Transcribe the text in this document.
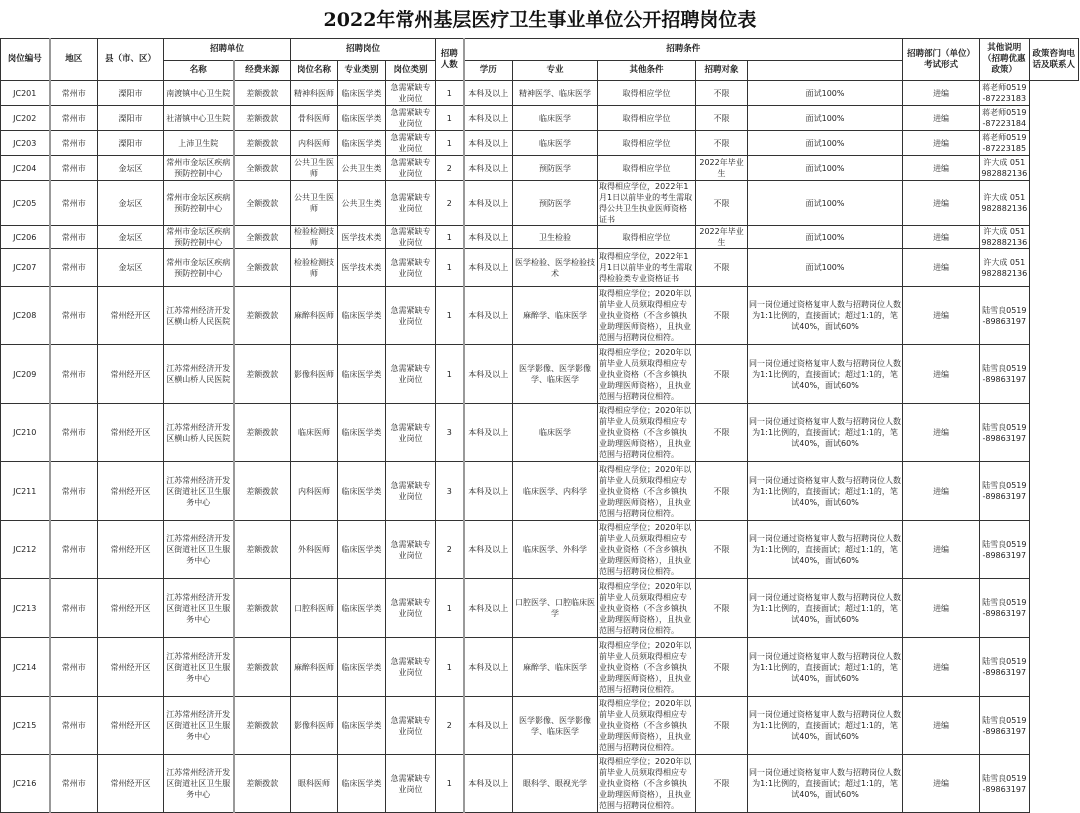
2022年常州基层医疗卫生事业单位公开招聘岗位表
岗位编号	地区	县（市、区）	招聘单位		招聘岗位			招聘人数	招聘条件					招聘部门（单位）考试形式	其他说明（招聘优惠政策）	政策咨询电话及联系人
			名称	经费来源	岗位名称	专业类别	岗位类别		学历	专业	其他条件	招聘对象				
JC201	常州市	溧阳市	南渡镇中心卫生院	差额拨款	精神科医师	临床医学类	急需紧缺专业岗位	1	本科及以上	精神医学、临床医学	取得相应学位	不限	面试100%	进编	蒋老师0519-87223183	
JC202	常州市	溧阳市	社渚镇中心卫生院	差额拨款	骨科医师	临床医学类	急需紧缺专业岗位	1	本科及以上	临床医学	取得相应学位	不限	面试100%	进编	蒋老师0519-87223184	
JC203	常州市	溧阳市	上沛卫生院	差额拨款	内科医师	临床医学类	急需紧缺专业岗位	1	本科及以上	临床医学	取得相应学位	不限	面试100%	进编	蒋老师0519-87223185	
JC204	常州市	金坛区	常州市金坛区疾病预防控制中心	全额拨款	公共卫生医师	公共卫生类	急需紧缺专业岗位	2	本科及以上	预防医学	取得相应学位	2022年毕业生	面试100%	进编	许大成 051982882136	
JC205	常州市	金坛区	常州市金坛区疾病预防控制中心	全额拨款	公共卫生医师	公共卫生类	急需紧缺专业岗位	2	本科及以上	预防医学	取得相应学位，2022年1月1日以前毕业的考生需取得公共卫生执业医师资格证书	不限	面试100%	进编	许大成 051982882136	
JC206	常州市	金坛区	常州市金坛区疾病预防控制中心	全额拨款	检验检测技师	医学技术类	急需紧缺专业岗位	1	本科及以上	卫生检验	取得相应学位	2022年毕业生	面试100%	进编	许大成 051982882136	
JC207	常州市	金坛区	常州市金坛区疾病预防控制中心	全额拨款	检验检测技师	医学技术类	急需紧缺专业岗位	1	本科及以上	医学检验、医学检验技术	取得相应学位，2022年1月1日以前毕业的考生需取得检验类专业资格证书	不限	面试100%	进编	许大成 051982882136	
JC208	常州市	常州经开区	江苏常州经济开发区横山桥人民医院	差额拨款	麻醉科医师	临床医学类	急需紧缺专业岗位	1	本科及以上	麻醉学、临床医学	取得相应学位；2020年以前毕业人员须取得相应专业执业资格（不含乡镇执业助理医师资格），且执业范围与招聘岗位相符。	不限	同一岗位通过资格复审人数与招聘岗位人数为1:1比例的，直接面试；超过1:1的，笔试40%，面试60%	进编	陆雪良0519-89863197	
JC209	常州市	常州经开区	江苏常州经济开发区横山桥人民医院	差额拨款	影像科医师	临床医学类	急需紧缺专业岗位	1	本科及以上	医学影像、医学影像学、临床医学	取得相应学位；2020年以前毕业人员须取得相应专业执业资格（不含乡镇执业助理医师资格），且执业范围与招聘岗位相符。	不限	同一岗位通过资格复审人数与招聘岗位人数为1:1比例的，直接面试；超过1:1的，笔试40%，面试60%	进编	陆雪良0519-89863197	
JC210	常州市	常州经开区	江苏常州经济开发区横山桥人民医院	差额拨款	临床医师	临床医学类	急需紧缺专业岗位	3	本科及以上	临床医学	取得相应学位；2020年以前毕业人员须取得相应专业执业资格（不含乡镇执业助理医师资格），且执业范围与招聘岗位相符。	不限	同一岗位通过资格复审人数与招聘岗位人数为1:1比例的，直接面试；超过1:1的，笔试40%，面试60%	进编	陆雪良0519-89863197	
JC211	常州市	常州经开区	江苏常州经济开发区街道社区卫生服务中心	差额拨款	内科医师	临床医学类	急需紧缺专业岗位	3	本科及以上	临床医学、内科学	取得相应学位；2020年以前毕业人员须取得相应专业执业资格（不含乡镇执业助理医师资格），且执业范围与招聘岗位相符。	不限	同一岗位通过资格复审人数与招聘岗位人数为1:1比例的，直接面试；超过1:1的，笔试40%，面试60%	进编	陆雪良0519-89863197	
JC212	常州市	常州经开区	江苏常州经济开发区街道社区卫生服务中心	差额拨款	外科医师	临床医学类	急需紧缺专业岗位	2	本科及以上	临床医学、外科学	取得相应学位；2020年以前毕业人员须取得相应专业执业资格（不含乡镇执业助理医师资格），且执业范围与招聘岗位相符。	不限	同一岗位通过资格复审人数与招聘岗位人数为1:1比例的，直接面试；超过1:1的，笔试40%，面试60%	进编	陆雪良0519-89863197	
JC213	常州市	常州经开区	江苏常州经济开发区街道社区卫生服务中心	差额拨款	口腔科医师	临床医学类	急需紧缺专业岗位	1	本科及以上	口腔医学、口腔临床医学	取得相应学位；2020年以前毕业人员须取得相应专业执业资格（不含乡镇执业助理医师资格），且执业范围与招聘岗位相符。	不限	同一岗位通过资格复审人数与招聘岗位人数为1:1比例的，直接面试；超过1:1的，笔试40%，面试60%	进编	陆雪良0519-89863197	
JC214	常州市	常州经开区	江苏常州经济开发区街道社区卫生服务中心	差额拨款	麻醉科医师	临床医学类	急需紧缺专业岗位	1	本科及以上	麻醉学、临床医学	取得相应学位；2020年以前毕业人员须取得相应专业执业资格（不含乡镇执业助理医师资格），且执业范围与招聘岗位相符。	不限	同一岗位通过资格复审人数与招聘岗位人数为1:1比例的，直接面试；超过1:1的，笔试40%，面试60%	进编	陆雪良0519-89863197	
JC215	常州市	常州经开区	江苏常州经济开发区街道社区卫生服务中心	差额拨款	影像科医师	临床医学类	急需紧缺专业岗位	2	本科及以上	医学影像、医学影像学、临床医学	取得相应学位；2020年以前毕业人员须取得相应专业执业资格（不含乡镇执业助理医师资格），且执业范围与招聘岗位相符。	不限	同一岗位通过资格复审人数与招聘岗位人数为1:1比例的，直接面试；超过1:1的，笔试40%，面试60%	进编	陆雪良0519-89863197	
JC216	常州市	常州经开区	江苏常州经济开发区街道社区卫生服务中心	差额拨款	眼科医师	临床医学类	急需紧缺专业岗位	1	本科及以上	眼科学、眼视光学	取得相应学位；2020年以前毕业人员须取得相应专业执业资格（不含乡镇执业助理医师资格），且执业范围与招聘岗位相符。	不限	同一岗位通过资格复审人数与招聘岗位人数为1:1比例的，直接面试；超过1:1的，笔试40%，面试60%	进编	陆雪良0519-89863197	
